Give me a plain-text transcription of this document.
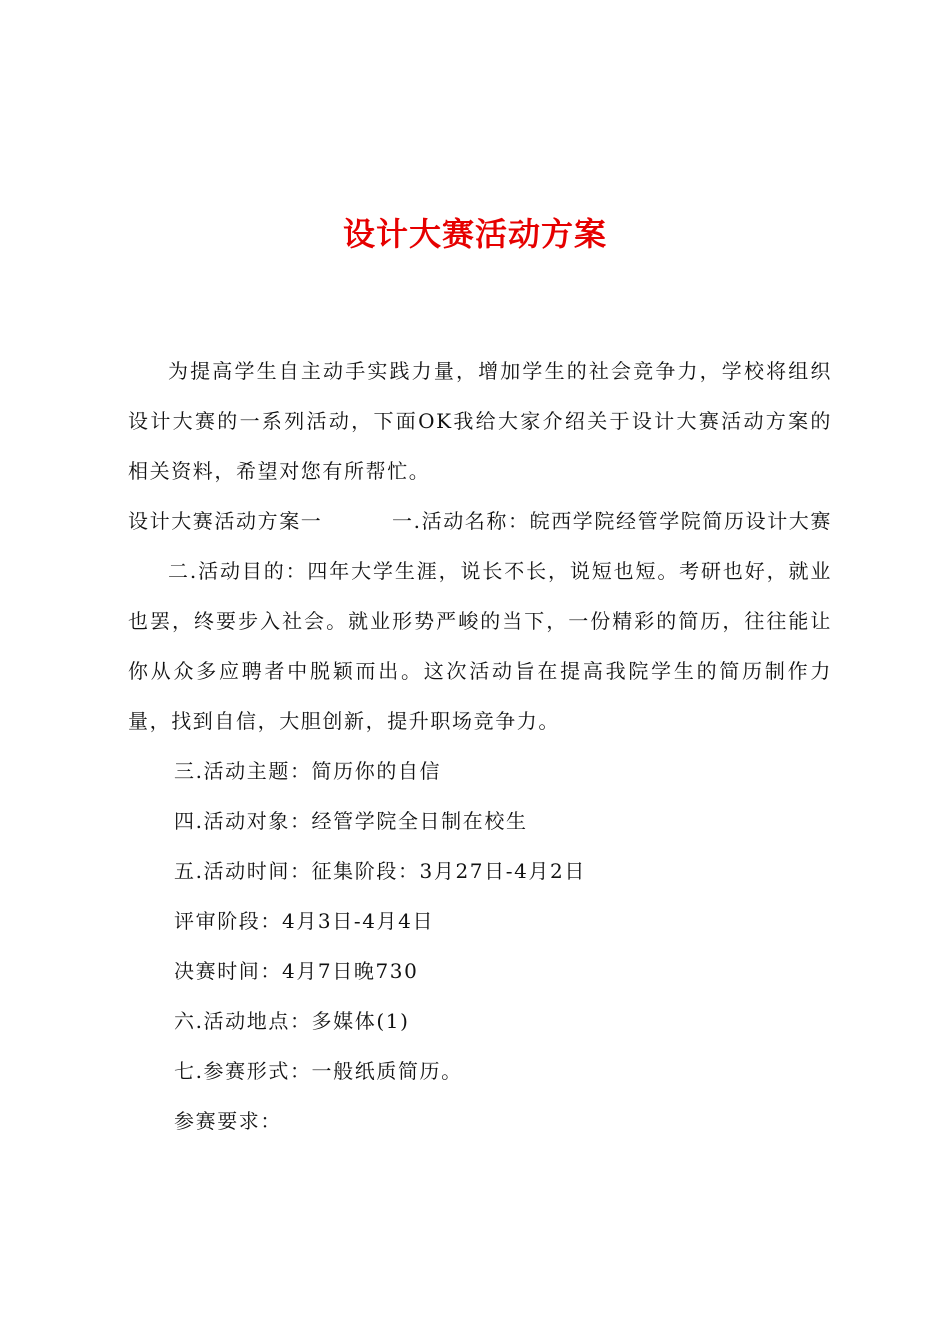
设计大赛活动方案

为提高学生自主动手实践力量，增加学生的社会竞争力，学校将组织设计大赛的一系列活动，下面OK我给大家介绍关于设计大赛活动方案的相关资料，希望对您有所帮忙。

设计大赛活动方案一	一.活动名称：皖西学院经管学院简历设计大赛

二.活动目的：四年大学生涯，说长不长，说短也短。考研也好，就业也罢，终要步入社会。就业形势严峻的当下，一份精彩的简历，往往能让你从众多应聘者中脱颖而出。这次活动旨在提高我院学生的简历制作力量，找到自信，大胆创新，提升职场竞争力。

三.活动主题：简历你的自信

四.活动对象：经管学院全日制在校生

五.活动时间：征集阶段：3月27日-4月2日

评审阶段：4月3日-4月4日

决赛时间：4月7日晚730

六.活动地点：多媒体(1)

七.参赛形式：一般纸质简历。

参赛要求：
